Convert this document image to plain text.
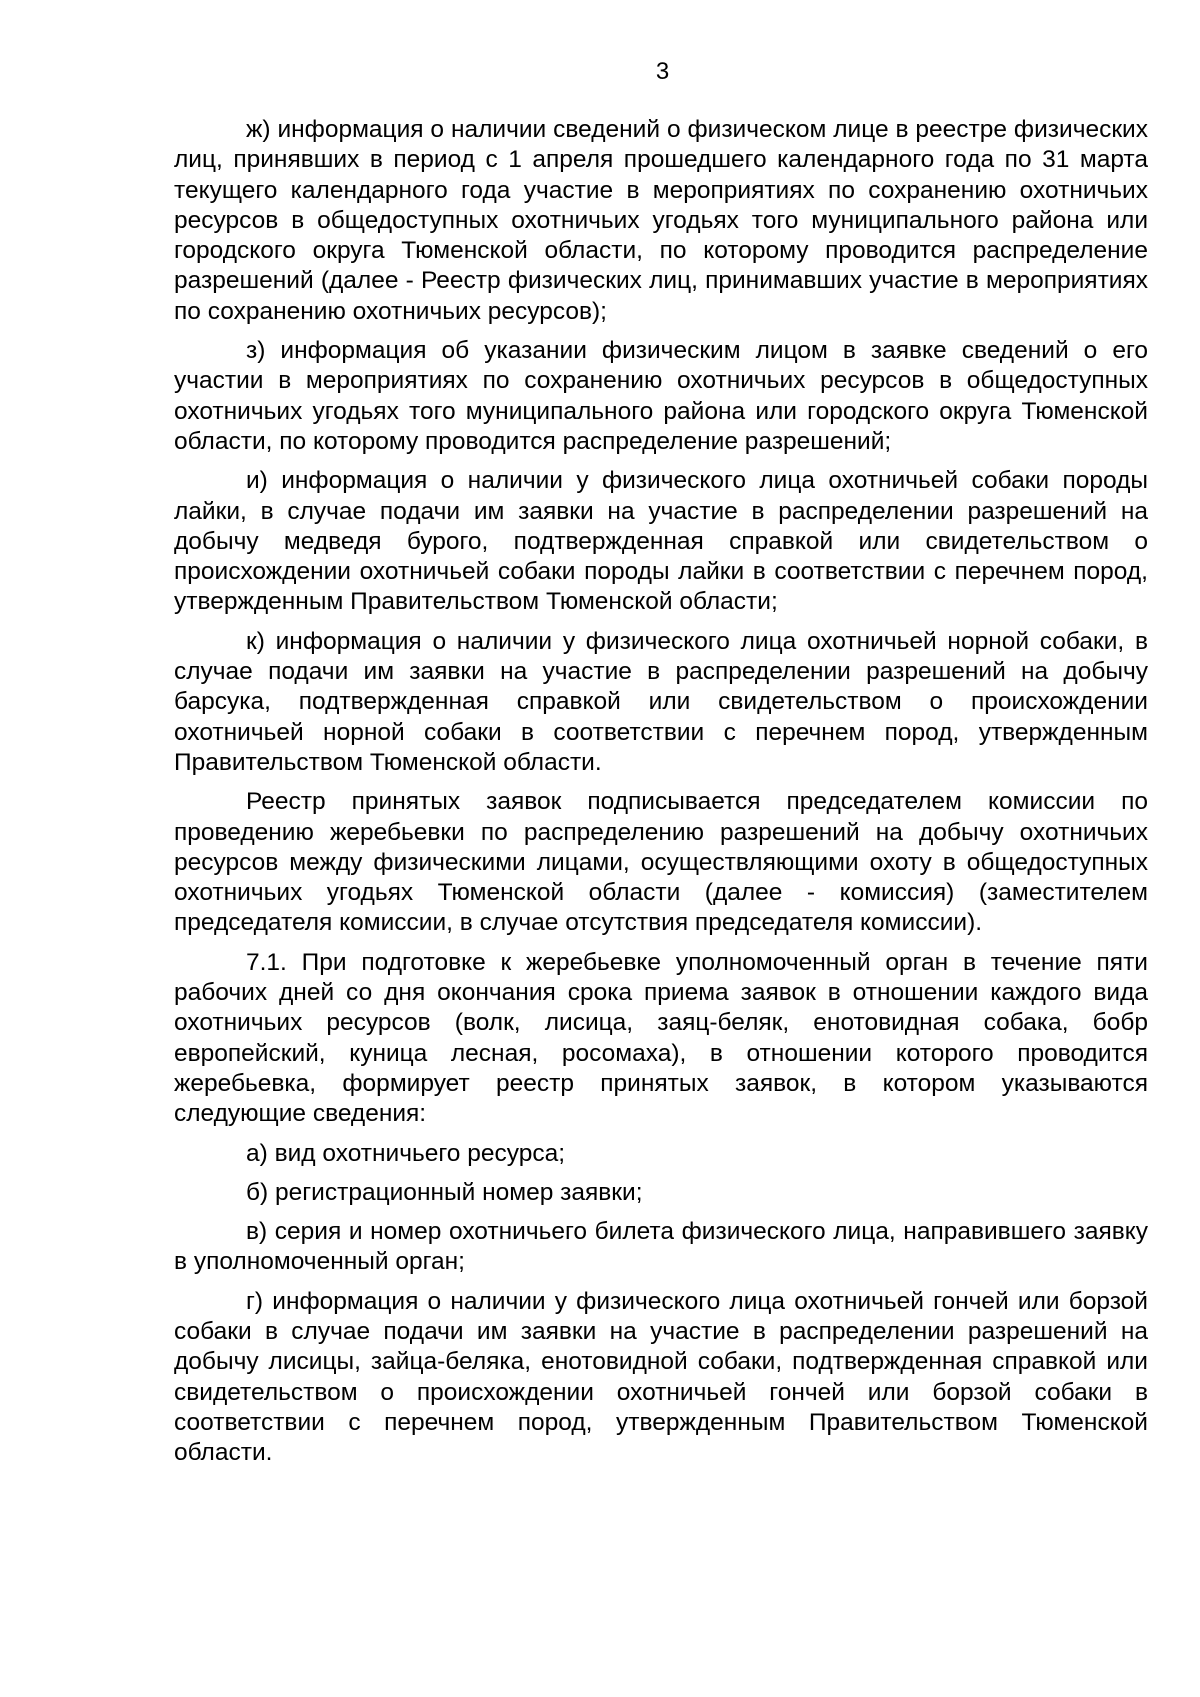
3

ж) информация о наличии сведений о физическом лице в реестре физических лиц, принявших в период с 1 апреля прошедшего календарного года по 31 марта текущего календарного года участие в мероприятиях по сохранению охотничьих ресурсов в общедоступных охотничьих угодьях того муниципального района или городского округа Тюменской области, по которому проводится распределение разрешений (далее - Реестр физических лиц, принимавших участие в мероприятиях по сохранению охотничьих ресурсов);

з) информация об указании физическим лицом в заявке сведений о его участии в мероприятиях по сохранению охотничьих ресурсов в общедоступных охотничьих угодьях того муниципального района или городского округа Тюменской области, по которому проводится распределение разрешений;

и) информация о наличии у физического лица охотничьей собаки породы лайки, в случае подачи им заявки на участие в распределении разрешений на добычу медведя бурого, подтвержденная справкой или свидетельством о происхождении охотничьей собаки породы лайки в соответствии с перечнем пород, утвержденным Правительством Тюменской области;

к) информация о наличии у физического лица охотничьей норной собаки, в случае подачи им заявки на участие в распределении разрешений на добычу барсука, подтвержденная справкой или свидетельством о происхождении охотничьей норной собаки в соответствии с перечнем пород, утвержденным Правительством Тюменской области.

Реестр принятых заявок подписывается председателем комиссии по проведению жеребьевки по распределению разрешений на добычу охотничьих ресурсов между физическими лицами, осуществляющими охоту в общедоступных охотничьих угодьях Тюменской области (далее - комиссия) (заместителем председателя комиссии, в случае отсутствия председателя комиссии).

7.1. При подготовке к жеребьевке уполномоченный орган в течение пяти рабочих дней со дня окончания срока приема заявок в отношении каждого вида охотничьих ресурсов (волк, лисица, заяц-беляк, енотовидная собака, бобр европейский, куница лесная, росомаха), в отношении которого проводится жеребьевка, формирует реестр принятых заявок, в котором указываются следующие сведения:

а) вид охотничьего ресурса;

б) регистрационный номер заявки;

в) серия и номер охотничьего билета физического лица, направившего заявку в уполномоченный орган;

г) информация о наличии у физического лица охотничьей гончей или борзой собаки в случае подачи им заявки на участие в распределении разрешений на добычу лисицы, зайца-беляка, енотовидной собаки, подтвержденная справкой или свидетельством о происхождении охотничьей гончей или борзой собаки в соответствии с перечнем пород, утвержденным Правительством Тюменской области.
